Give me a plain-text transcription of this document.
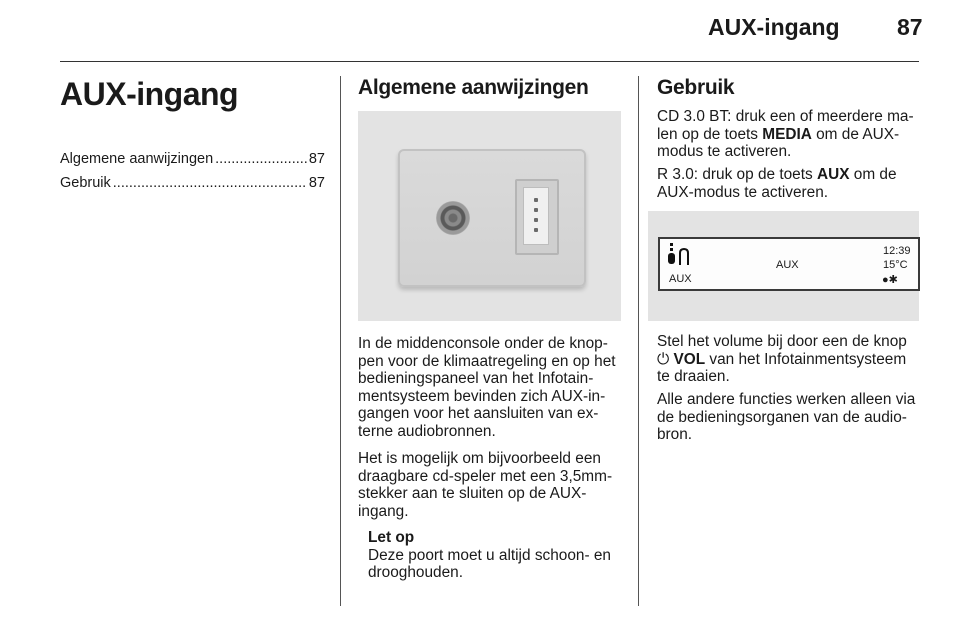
AUX-ingang 87
AUX-ingang
Algemene aanwijzingen .....	87
Gebruik .....	87
Algemene aanwijzingen

In de middenconsole onder de knop-
pen voor de klimaatregeling en op het
bedieningspaneel van het Infotain-
mentsysteem bevinden zich AUX-in-
gangen voor het aansluiten van ex-
terne audiobronnen.

Het is mogelijk om bijvoorbeeld een
draagbare cd-speler met een 3,5mm-
stekker aan te sluiten op de AUX-
ingang.

Let op
Deze poort moet u altijd schoon- en
drooghouden.
Gebruik

CD 3.0 BT: druk een of meerdere ma-
len op de toets MEDIA om de AUX-
modus te activeren.

R 3.0: druk op de toets AUX om de
AUX-modus te activeren.

AUX
AUX
12:39
15°C
●✱

Stel het volume bij door een de knop
⏻ VOL van het Infotainmentsysteem
te draaien.

Alle andere functies werken alleen via
de bedieningsorganen van de audio-
bron.
